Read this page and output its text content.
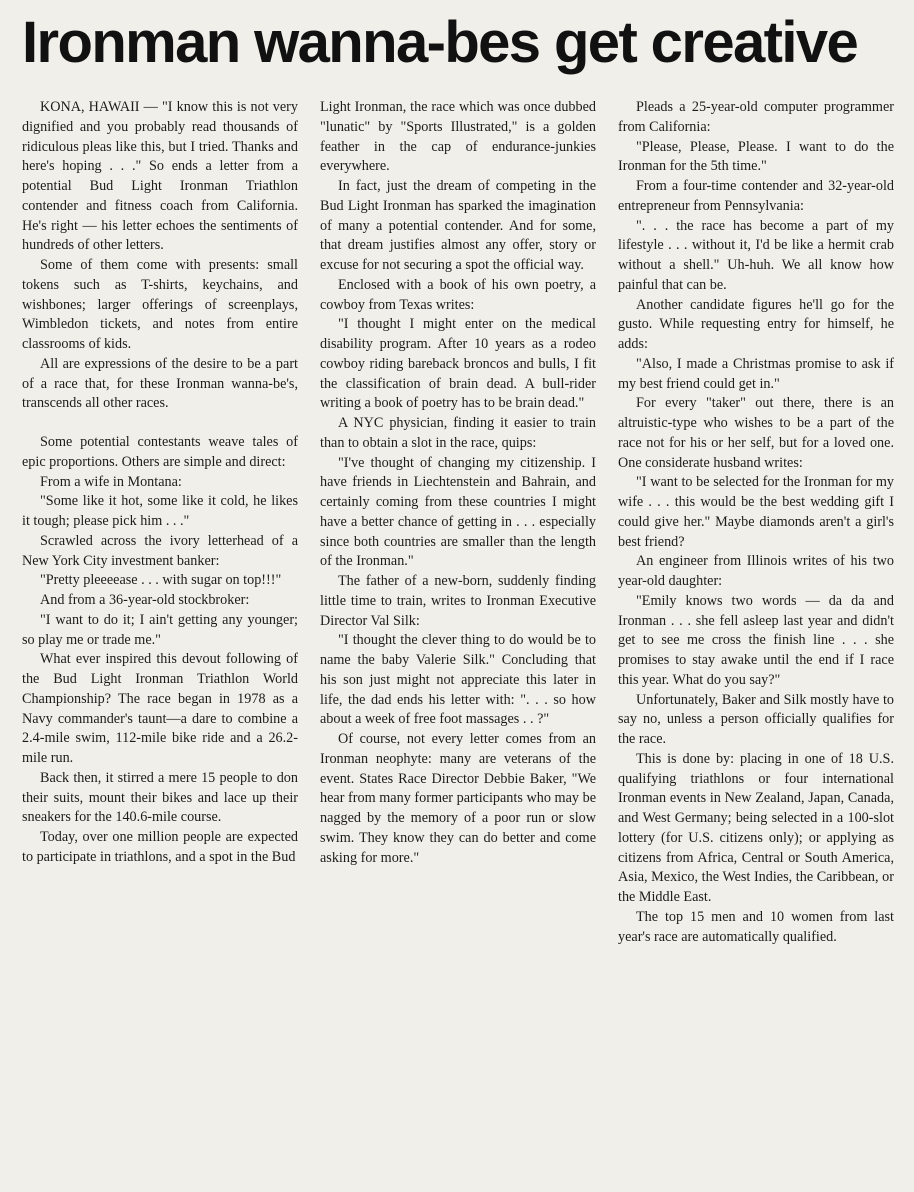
Ironman wanna-bes get creative

KONA, HAWAII — "I know this is not very dignified and you probably read thousands of ridiculous pleas like this, but I tried. Thanks and here's hoping . . ." So ends a letter from a potential Bud Light Ironman Triathlon contender and fitness coach from California. He's right — his letter echoes the sentiments of hundreds of other letters.

Some of them come with presents: small tokens such as T-shirts, keychains, and wishbones; larger offerings of screenplays, Wimbledon tickets, and notes from entire classrooms of kids.

All are expressions of the desire to be a part of a race that, for these Ironman wanna-be's, transcends all other races.

Some potential contestants weave tales of epic proportions. Others are simple and direct:

From a wife in Montana:

"Some like it hot, some like it cold, he likes it tough; please pick him . . ."

Scrawled across the ivory letterhead of a New York City investment banker:

"Pretty pleeeease . . . with sugar on top!!!"

And from a 36-year-old stockbroker:

"I want to do it; I ain't getting any younger; so play me or trade me."

What ever inspired this devout following of the Bud Light Ironman Triathlon World Championship? The race began in 1978 as a Navy commander's taunt—a dare to combine a 2.4-mile swim, 112-mile bike ride and a 26.2-mile run.

Back then, it stirred a mere 15 people to don their suits, mount their bikes and lace up their sneakers for the 140.6-mile course.

Today, over one million people are expected to participate in triathlons, and a spot in the Bud

Light Ironman, the race which was once dubbed "lunatic" by "Sports Illustrated," is a golden feather in the cap of endurance-junkies everywhere.

In fact, just the dream of competing in the Bud Light Ironman has sparked the imagination of many a potential contender. And for some, that dream justifies almost any offer, story or excuse for not securing a spot the official way.

Enclosed with a book of his own poetry, a cowboy from Texas writes:

"I thought I might enter on the medical disability program. After 10 years as a rodeo cowboy riding bareback broncos and bulls, I fit the classification of brain dead. A bull-rider writing a book of poetry has to be brain dead."

A NYC physician, finding it easier to train than to obtain a slot in the race, quips:

"I've thought of changing my citizenship. I have friends in Liechtenstein and Bahrain, and certainly coming from these countries I might have a better chance of getting in . . . especially since both countries are smaller than the length of the Ironman."

The father of a new-born, suddenly finding little time to train, writes to Ironman Executive Director Val Silk:

"I thought the clever thing to do would be to name the baby Valerie Silk." Concluding that his son just might not appreciate this later in life, the dad ends his letter with: ". . . so how about a week of free foot massages . . ?"

Of course, not every letter comes from an Ironman neophyte: many are veterans of the event. States Race Director Debbie Baker, "We hear from many former participants who may be nagged by the memory of a poor run or slow swim. They know they can do better and come asking for more."

Pleads a 25-year-old computer programmer from California:

"Please, Please, Please. I want to do the Ironman for the 5th time."

From a four-time contender and 32-year-old entrepreneur from Pennsylvania:

". . . the race has become a part of my lifestyle . . . without it, I'd be like a hermit crab without a shell." Uh-huh. We all know how painful that can be.

Another candidate figures he'll go for the gusto. While requesting entry for himself, he adds:

"Also, I made a Christmas promise to ask if my best friend could get in."

For every "taker" out there, there is an altruistic-type who wishes to be a part of the race not for his or her self, but for a loved one. One considerate husband writes:

"I want to be selected for the Ironman for my wife . . . this would be the best wedding gift I could give her." Maybe diamonds aren't a girl's best friend?

An engineer from Illinois writes of his two year-old daughter:

"Emily knows two words — da da and Ironman . . . she fell asleep last year and didn't get to see me cross the finish line . . . she promises to stay awake until the end if I race this year. What do you say?"

Unfortunately, Baker and Silk mostly have to say no, unless a person officially qualifies for the race.

This is done by: placing in one of 18 U.S. qualifying triathlons or four international Ironman events in New Zealand, Japan, Canada, and West Germany; being selected in a 100-slot lottery (for U.S. citizens only); or applying as citizens from Africa, Central or South America, Asia, Mexico, the West Indies, the Caribbean, or the Middle East.

The top 15 men and 10 women from last year's race are automatically qualified.
